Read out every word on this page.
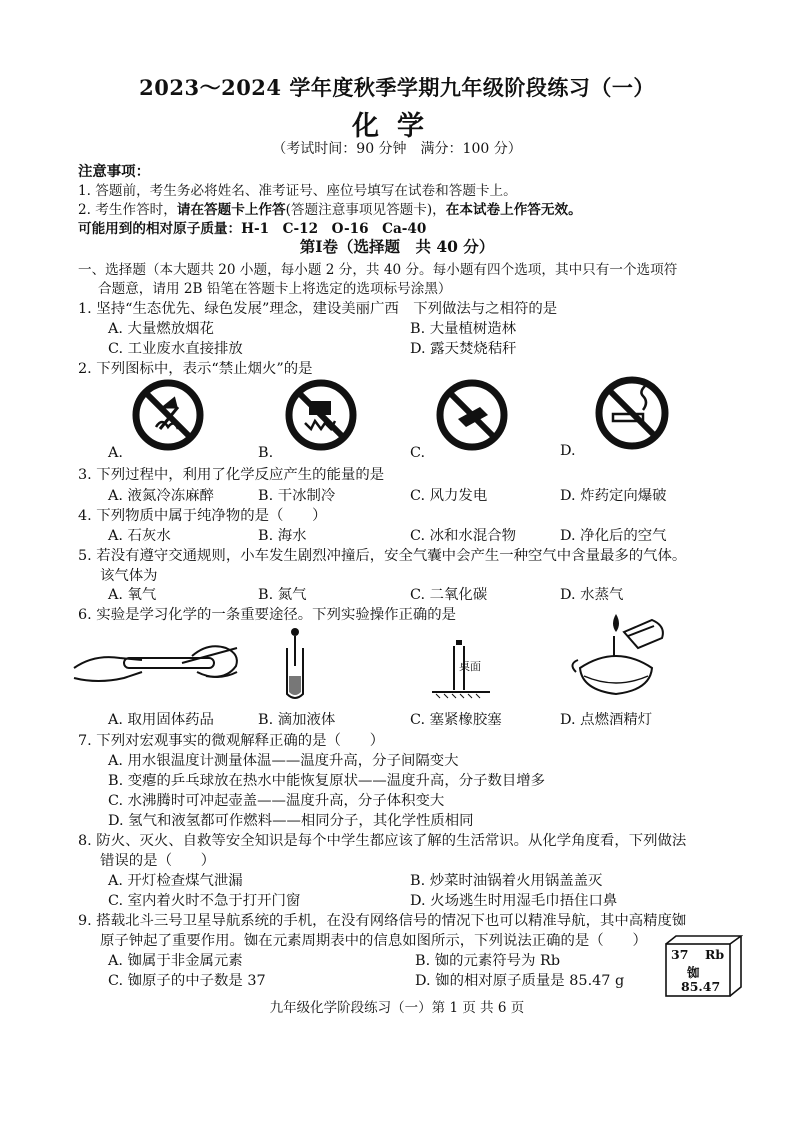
2023～2024 学年度秋季学期九年级阶段练习（一）
化学
（考试时间：90 分钟　满分：100 分）
注意事项：
1. 答题前，考生务必将姓名、准考证号、座位号填写在试卷和答题卡上。
2. 考生作答时，请在答题卡上作答(答题注意事项见答题卡)，在本试卷上作答无效。
可能用到的相对原子质量：H-1　C-12　O-16　Ca-40
第Ⅰ卷（选择题　共 40 分）
一、选择题（本大题共 20 小题，每小题 2 分，共 40 分。每小题有四个选项，其中只有一个选项符
合题意，请用 2B 铅笔在答题卡上将选定的选项标号涂黑）
1. 坚持“生态优先、绿色发展”理念，建设美丽广西　下列做法与之相符的是
A. 大量燃放烟花	B. 大量植树造林
C. 工业废水直接排放	D. 露天焚烧秸秆
2. 下列图标中，表示“禁止烟火”的是
A.	B.	C.	D.
3. 下列过程中，利用了化学反应产生的能量的是
A. 液氮冷冻麻醉	B. 干冰制冷	C. 风力发电	D. 炸药定向爆破
4. 下列物质中属于纯净物的是（　　）
A. 石灰水	B. 海水	C. 冰和水混合物	D. 净化后的空气
5. 若没有遵守交通规则，小车发生剧烈冲撞后，安全气囊中会产生一种空气中含量最多的气体。
该气体为
A. 氧气	B. 氮气	C. 二氧化碳	D. 水蒸气
6. 实验是学习化学的一条重要途径。下列实验操作正确的是
A. 取用固体药品	B. 滴加液体
桌面
C. 塞紧橡胶塞	D. 点燃酒精灯
7. 下列对宏观事实的微观解释正确的是（　　）
A. 用水银温度计测量体温——温度升高，分子间隔变大
B. 变瘪的乒乓球放在热水中能恢复原状——温度升高，分子数目增多
C. 水沸腾时可冲起壶盖——温度升高，分子体积变大
D. 氢气和液氢都可作燃料——相同分子，其化学性质相同
8. 防火、灭火、自救等安全知识是每个中学生都应该了解的生活常识。从化学角度看，下列做法
错误的是（　　）
A. 开灯检查煤气泄漏	B. 炒菜时油锅着火用锅盖盖灭
C. 室内着火时不急于打开门窗	D. 火场逃生时用湿毛巾捂住口鼻
9. 搭载北斗三号卫星导航系统的手机，在没有网络信号的情况下也可以精准导航，其中高精度铷
原子钟起了重要作用。铷在元素周期表中的信息如图所示，下列说法正确的是（　　）
A. 铷属于非金属元素	B. 铷的元素符号为 Rb
C. 铷原子的中子数是 37	D. 铷的相对原子质量是 85.47 g
37 Rb
铷
85.47
九年级化学阶段练习（一）第 1 页 共 6 页
